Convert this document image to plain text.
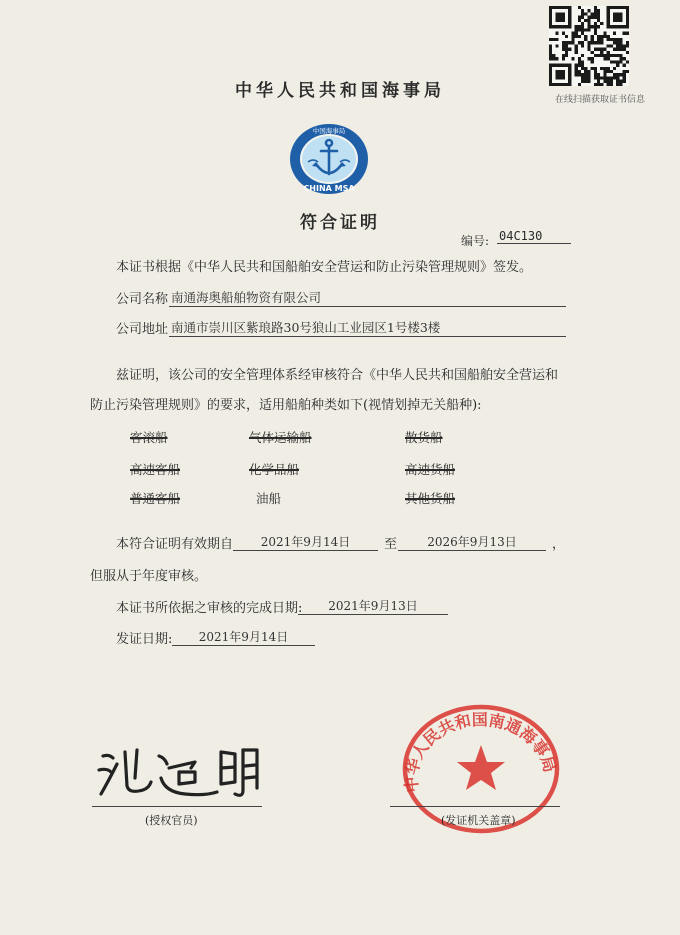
在线扫描获取证书信息
中华人民共和国海事局
中国海事局
CHINA MSA
符合证明
编号: 04C130
本证书根据《中华人民共和国船舶安全营运和防止污染管理规则》签发。
公司名称 南通海奥船舶物资有限公司
公司地址 南通市崇川区紫琅路30号狼山工业园区1号楼3楼
兹证明，该公司的安全管理体系经审核符合《中华人民共和国船舶安全营运和
防止污染管理规则》的要求，适用船舶种类如下(视情划掉无关船种):
客滚船	气体运输船	散货船
高速客船	化学品船	高速货船
普通客船	油船	其他货船
本符合证明有效期自	2021年9月14日	至	2026年9月13日	，
但服从于年度审核。
本证书所依据之审核的完成日期:	2021年9月13日
发证日期:	2021年9月14日
(授权官员)
中华人民共和国南通海事局
(发证机关盖章)
